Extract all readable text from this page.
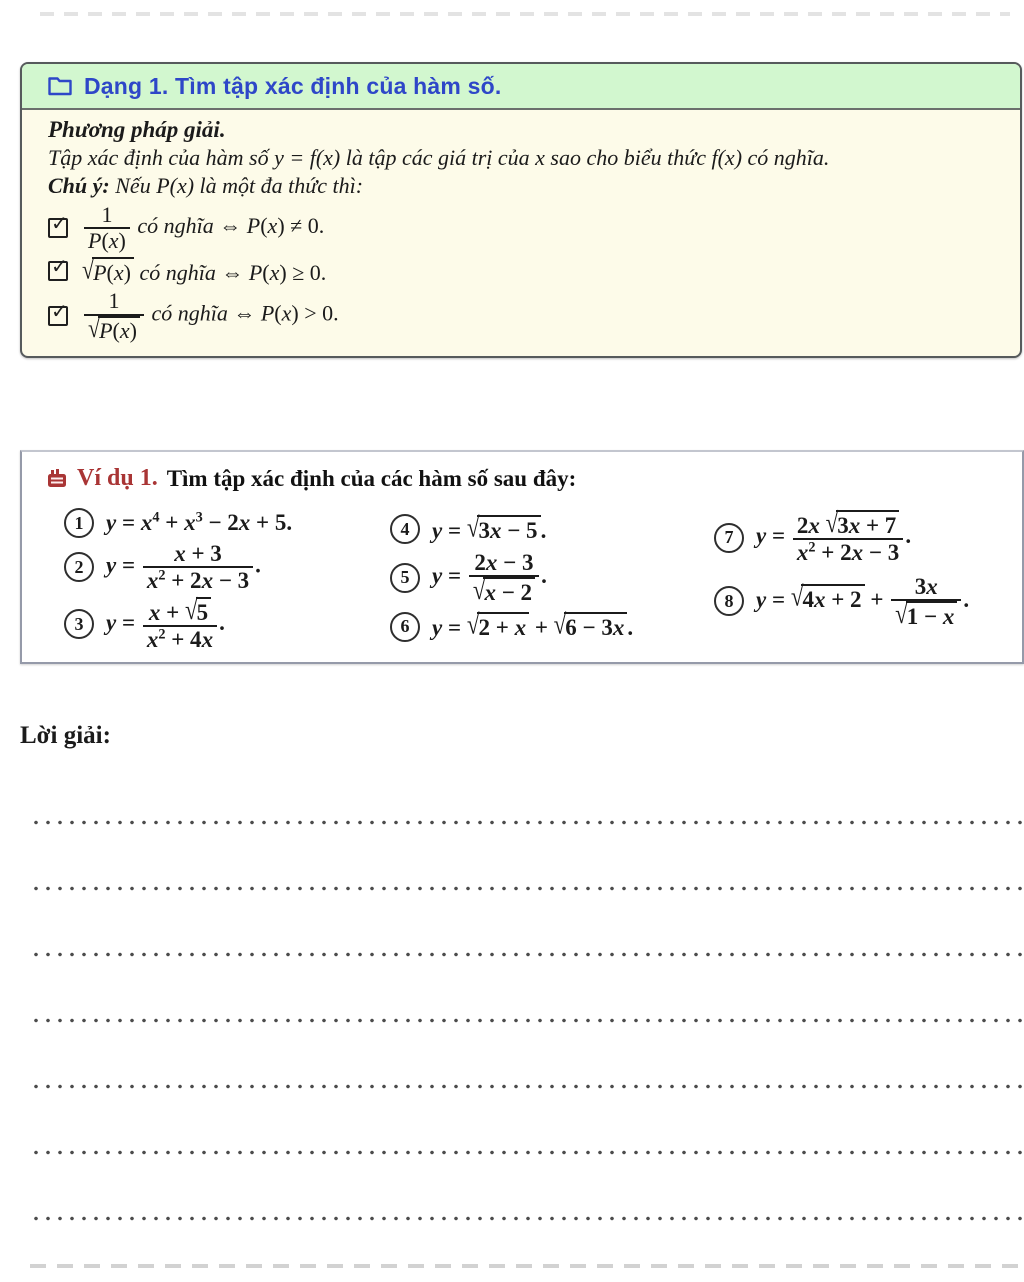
Dạng 1. Tìm tập xác định của hàm số.
Phương pháp giải.
Tập xác định của hàm số y = f(x) là tập các giá trị của x sao cho biểu thức f(x) có nghĩa.
Chú ý: Nếu P(x) là một đa thức thì:
✓
$\frac{1}{P(x)}$ có nghĩa ⇔ P(x) ≠ 0.
✓
√P(x) có nghĩa ⇔ P(x) ≥ 0.
✓
$\frac{1}{√P(x)}$ có nghĩa ⇔ P(x) > 0.
Ví dụ 1. Tìm tập xác định của các hàm số sau đây:
1 $y = x^4 + x^3 - 2x + 5$.
2 $y = \frac{x + 3}{x^2 + 2x - 3}$ .
3 $y = \frac{x + √5}{x^2 + 4x}$ .
4 y = √3x − 5 .
5 $y = \frac{2x - 3}{√x - 2}$ .
6 y = √2 + x + √6 − 3x .
7 $y = \frac{2x √3x + 7}{x^2 + 2x - 3}$ .
8 $y = √4x + 2 + \frac{3x}{√1 - x}$ .
Lời giải:
